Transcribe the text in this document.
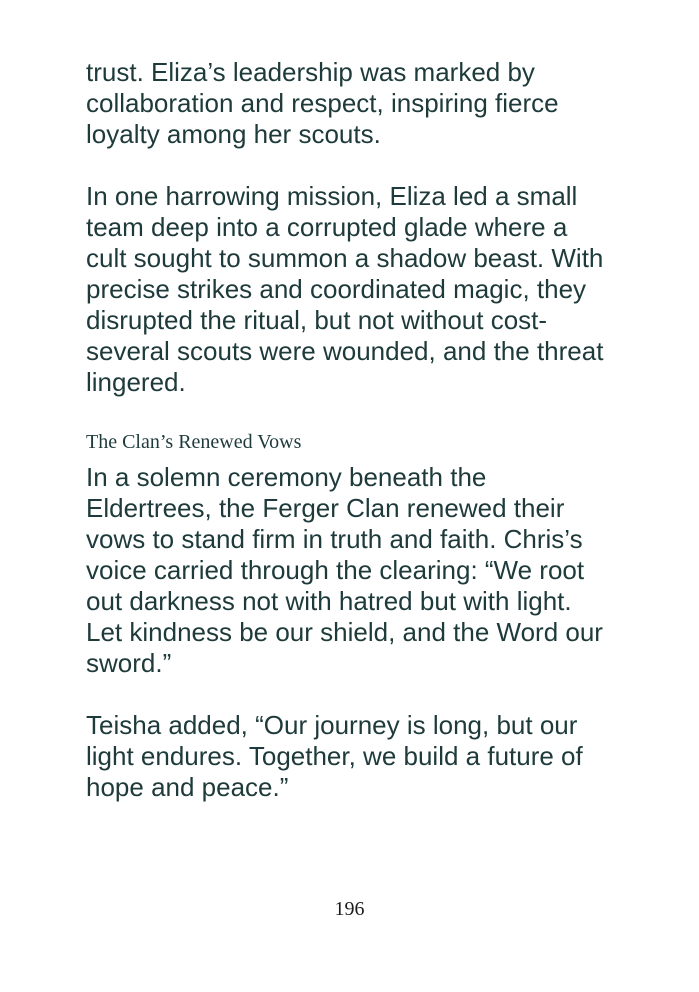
trust. Eliza’s leadership was marked by collaboration and respect, inspiring fierce loyalty among her scouts.

In one harrowing mission, Eliza led a small team deep into a corrupted glade where a cult sought to summon a shadow beast. With precise strikes and coordinated magic, they disrupted the ritual, but not without cost- several scouts were wounded, and the threat lingered.

The Clan’s Renewed Vows

In a solemn ceremony beneath the Eldertrees, the Ferger Clan renewed their vows to stand firm in truth and faith. Chris’s voice carried through the clearing: “We root out darkness not with hatred but with light. Let kindness be our shield, and the Word our sword.”

Teisha added, “Our journey is long, but our light endures. Together, we build a future of hope and peace.”

196
